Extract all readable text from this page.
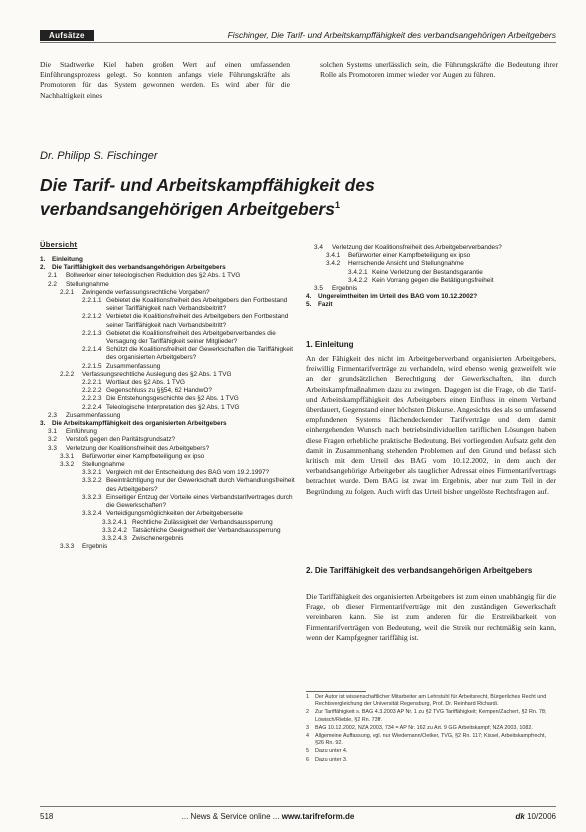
Aufsätze	Fischinger, Die Tarif- und Arbeitskampffähigkeit des verbandsangehörigen Arbeitgebers

Die Stadtwerke Kiel haben großen Wert auf einen umfassenden Einführungsprozess gelegt. So konnten anfangs viele Führungskräfte als Promotoren für das System gewonnen werden. Es wird aber für die Nachhaltigkeit eines

solchen Systems unerlässlich sein, die Führungskräfte die Bedeutung ihrer Rolle als Promotoren immer wieder vor Augen zu führen.

Dr. Philipp S. Fischinger
Die Tarif- und Arbeitskampffähigkeit des verbandsangehörigen Arbeitgebers$^1$
Übersicht
1.	Einleitung
2.	Die Tariffähigkeit des verbandsangehörigen Arbeitgebers
2.1	Bollwerker einer teleologischen Reduktion des §2 Abs. 1 TVG
2.2	Stellungnahme
2.2.1	Zwingende verfassungsrechtliche Vorgaben?
2.2.1.1 Gebietet die Koalitionsfreiheit des Arbeitgebers den Fortbestand seiner Tariffähigkeit nach Verbandsbeitritt?
2.2.1.2 Verbietet die Koalitionsfreiheit des Arbeitgebers den Fortbestand seiner Tariffähigkeit nach Verbandsbeitritt?
2.2.1.3 Gebietet die Koalitionsfreiheit des Arbeitgeberverbandes die Versagung der Tariffähigkeit seiner Mitglieder?
2.2.1.4 Schützt die Koalitionsfreiheit der Gewerkschaften die Tariffähigkeit des organisierten Arbeitgebers?
2.2.1.5 Zusammenfassung
2.2.2	Verfassungsrechtliche Auslegung des §2 Abs. 1 TVG
2.2.2.1 Wortlaut des §2 Abs. 1 TVG
2.2.2.2 Gegenschluss zu §§54, 62 HandwO?
2.2.2.3 Die Entstehungsgeschichte des §2 Abs. 1 TVG
2.2.2.4 Teleologische Interpretation des §2 Abs. 1 TVG
2.3	Zusammenfassung
3.	Die Arbeitskampffähigkeit des organisierten Arbeitgebers
3.1	Einführung
3.2	Verstoß gegen den Paritätsgrundsatz?
3.3	Verletzung der Koalitionsfreiheit des Arbeitgebers?
3.3.1	Befürworter einer Kampfbeteiligung ex ipso
3.3.2	Stellungnahme
3.3.2.1 Vergleich mit der Entscheidung des BAG vom 19.2.1997?
3.3.2.2 Beeinträchtigung nur der Gewerkschaft durch Verhandlungsfreiheit des Arbeitgebers?
3.3.2.3 Einseitiger Entzug der Vorteile eines Verbandstarifvertrages durch die Gewerkschaften?
3.3.2.4 Verteidigungsmöglichkeiten der Arbeitgeberseite
3.3.2.4.1 Rechtliche Zulässigkeit der Verbandsaussperrung
3.3.2.4.2 Tatsächliche Geeignetheit der Verbandsaussperrung
3.3.2.4.3 Zwischenergebnis
3.3.3	Ergebnis
3.4	Verletzung der Koalitionsfreiheit des Arbeitgeberverbandes?
3.4.1	Befürworter einer Kampfbeteiligung ex ipso
3.4.2	Herrschende Ansicht und Stellungnahme
3.4.2.1 Keine Verletzung der Bestandsgarantie
3.4.2.2 Kein Vorrang gegen die Betätigungsfreiheit
3.5	Ergebnis
4.	Ungereimtheiten im Urteil des BAG vom 10.12.2002?
5.	Fazit
1. Einleitung

An der Fähigkeit des nicht im Arbeitgeberverband organisierten Arbeitgebers, freiwillig Firmentarifverträge zu verhandeln, wird ebenso wenig gezweifelt wie an der grundsätzlichen Berechtigung der Gewerkschaften, ihn durch Arbeitskampfmaßnahmen dazu zu zwingen. Dagegen ist die Frage, ob die Tarif- und Arbeitskampffähigkeit des Arbeitgebers einen Einfluss in einem Verband überdauert, Gegenstand einer höchsten Diskurse. Angesichts des als so umfassend empfundenen Systems flächendeckender Tarifverträge und dem damit einhergehenden Wunsch nach betriebsindividuellen tariflichen Lösungen haben diese Fragen erhebliche praktische Bedeutung. Bei vorliegenden Aufsatz geht den damit in Zusammenhang stehenden Problemen auf den Grund und befasst sich kritisch mit dem Urteil des BAG vom 10.12.2002, in dem auch der verbandsangehörige Arbeitgeber als tauglicher Adressat eines Firmentarifvertrags betrachtet wurde. Dem BAG ist zwar im Ergebnis, aber nur zum Teil in der Begründung zu folgen. Auch wirft das Urteil bisher ungelöste Rechtsfragen auf.

2. Die Tariffähigkeit des verbandsangehörigen Arbeitgebers

Die Tariffähigkeit des organisierten Arbeitgebers ist zum einen unabhängig für die Frage, ob dieser Firmentarifverträge mit den zuständigen Gewerkschaft vereinbaren kann. Sie ist zum anderen für die Erstreikbarkeit von Firmentarifverträgen von Bedeutung, weil die Streik nur rechtmäßig sein kann, wenn der Kampfgegner tariffähig ist.

1	Der Autor ist wissenschaftlicher Mitarbeiter am Lehrstuhl für Arbeitsrecht, Bürgerliches Recht und Rechtsvergleichung der Universität Regensburg, Prof. Dr. Reinhard Richardi.
2	Zur Tariffähigkeit s. BAG 4.3.2003 AP Nr. 1 zu §2 TVG Tariffähigkeit; Kempen/Zachert, §2 Rn. 78; Löwisch/Rieble, §2 Rn. 73ff.
3	BAG 10.12.2002, NZA 2003, 734 = AP Nr. 162 zu Art. 9 GG Arbeitskampf; NZA 2003, 1082.
4	Allgemeine Auffassung, vgl. nur Wiedemann/Oetker, TVG, §2 Rn. 117; Kissel, Arbeitskampfrecht, §26 Rn. 92.
5	Dazu unter 4.
6	Dazu unter 3.
518	... News & Service online ... www.tarifreform.de	dk 10/2006
